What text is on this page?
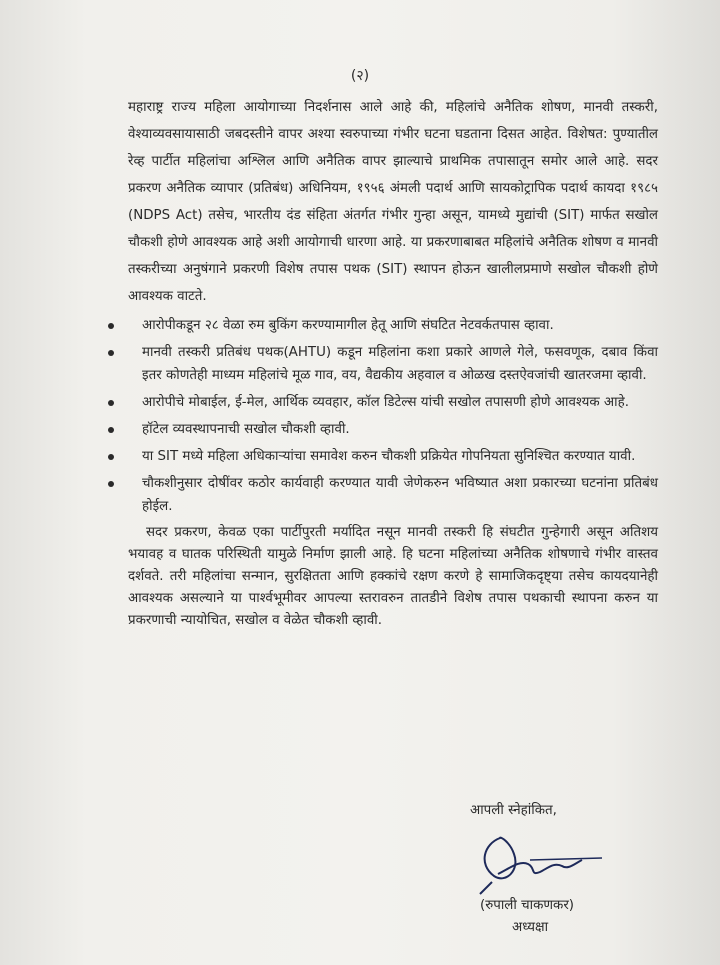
(२)

महाराष्ट्र राज्य महिला आयोगाच्या निदर्शनास आले आहे की, महिलांचे अनैतिक शोषण, मानवी तस्करी, वेश्याव्यवसायासाठी जबदस्तीने वापर अश्या स्वरुपाच्या गंभीर घटना घडताना दिसत आहेत. विशेषत: पुण्यातील रेव्ह पार्टीत महिलांचा अश्लिल आणि अनैतिक वापर झाल्याचे प्राथमिक तपासातून समोर आले आहे. सदर प्रकरण अनैतिक व्यापार (प्रतिबंध) अधिनियम, १९५६ अंमली पदार्थ आणि सायकोट्रापिक पदार्थ कायदा १९८५ (NDPS Act) तसेच, भारतीय दंड संहिता अंतर्गत गंभीर गुन्हा असून, यामध्ये मुद्यांची (SIT) मार्फत सखोल चौकशी होणे आवश्यक आहे अशी आयोगाची धारणा आहे. या प्रकरणाबाबत महिलांचे अनैतिक शोषण व मानवी तस्करीच्या अनुषंगाने प्रकरणी विशेष तपास पथक (SIT) स्थापन होऊन खालीलप्रमाणे सखोल चौकशी होणे आवश्यक वाटते.

आरोपीकडून २८ वेळा रुम बुकिंग करण्यामागील हेतू आणि संघटित नेटवर्कतपास व्हावा.
मानवी तस्करी प्रतिबंध पथक(AHTU) कडून महिलांना कशा प्रकारे आणले गेले, फसवणूक, दबाव किंवा इतर कोणतेही माध्यम महिलांचे मूळ गाव, वय, वैद्यकीय अहवाल व ओळख दस्तऐवजांची खातरजमा व्हावी.
आरोपीचे मोबाईल, ई-मेल, आर्थिक व्यवहार, कॉल डिटेल्स यांची सखोल तपासणी होणे आवश्यक आहे.
हॉटेल व्यवस्थापनाची सखोल चौकशी व्हावी.
या SIT मध्ये महिला अधिकाऱ्यांचा समावेश करुन चौकशी प्रक्रियेत गोपनियता सुनिश्चित करण्यात यावी.
चौकशीनुसार दोषींवर कठोर कार्यवाही करण्यात यावी जेणेकरुन भविष्यात अशा प्रकारच्या घटनांना प्रतिबंध होईल.

सदर प्रकरण, केवळ एका पार्टीपुरती मर्यादित नसून मानवी तस्करी हि संघटीत गुन्हेगारी असून अतिशय भयावह व घातक परिस्थिती यामुळे निर्माण झाली आहे. हि घटना महिलांच्या अनैतिक शोषणाचे गंभीर वास्तव दर्शवते. तरी महिलांचा सन्मान, सुरक्षितता आणि हक्कांचे रक्षण करणे हे सामाजिकदृष्ट्या तसेच कायदयानेही आवश्यक असल्याने या पार्श्वभूमीवर आपल्या स्तरावरुन तातडीने विशेष तपास पथकाची स्थापना करुन या प्रकरणाची न्यायोचित, सखोल व वेळेत चौकशी व्हावी.

आपली स्नेहांकित,
(रुपाली चाकणकर)
अध्यक्षा
